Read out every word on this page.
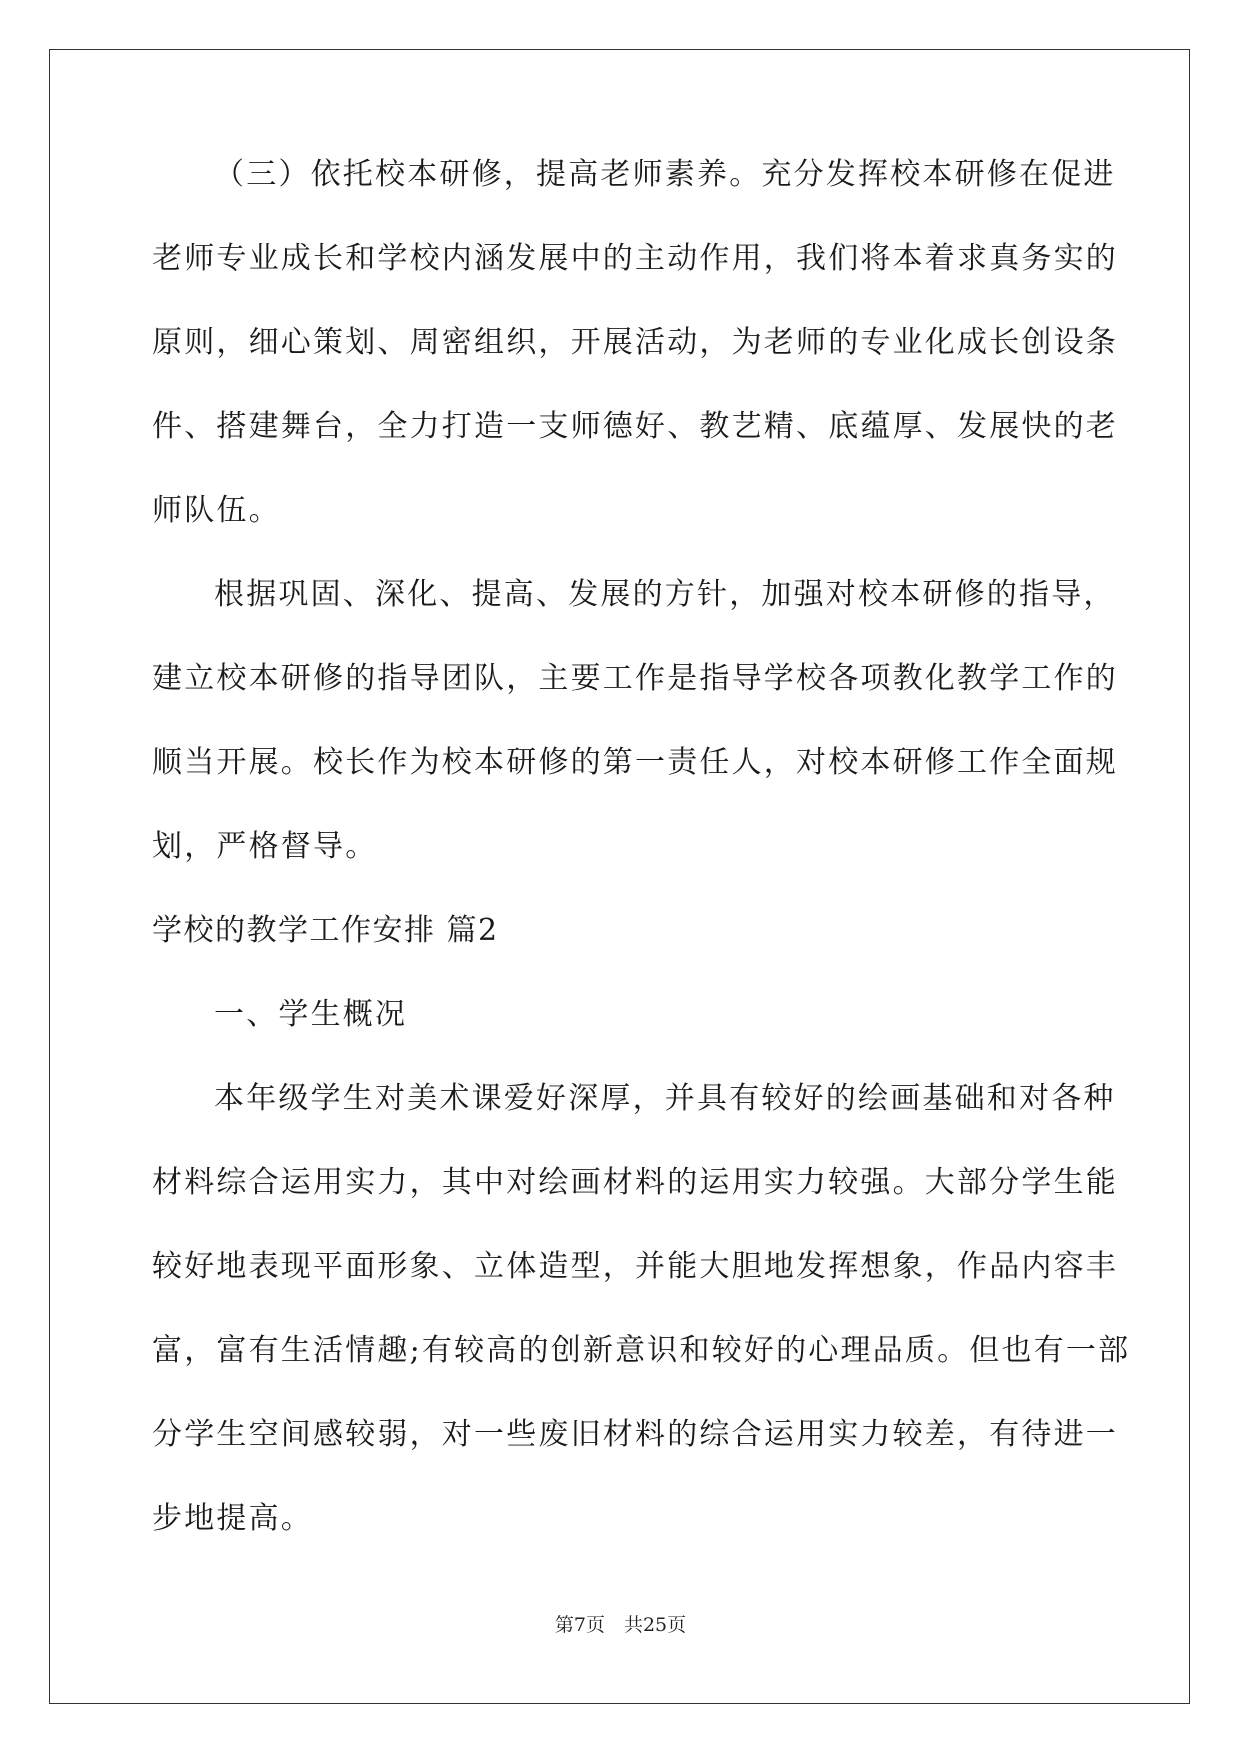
（三）依托校本研修，提高老师素养。充分发挥校本研修在促进
老师专业成长和学校内涵发展中的主动作用，我们将本着求真务实的
原则，细心策划、周密组织，开展活动，为老师的专业化成长创设条
件、搭建舞台，全力打造一支师德好、教艺精、底蕴厚、发展快的老
师队伍。
根据巩固、深化、提高、发展的方针，加强对校本研修的指导，
建立校本研修的指导团队，主要工作是指导学校各项教化教学工作的
顺当开展。校长作为校本研修的第一责任人，对校本研修工作全面规
划，严格督导。
学校的教学工作安排 篇2
一、学生概况
本年级学生对美术课爱好深厚，并具有较好的绘画基础和对各种
材料综合运用实力，其中对绘画材料的运用实力较强。大部分学生能
较好地表现平面形象、立体造型，并能大胆地发挥想象，作品内容丰
富，富有生活情趣;有较高的创新意识和较好的心理品质。但也有一部
分学生空间感较弱，对一些废旧材料的综合运用实力较差，有待进一
步地提高。
第7页　共25页
